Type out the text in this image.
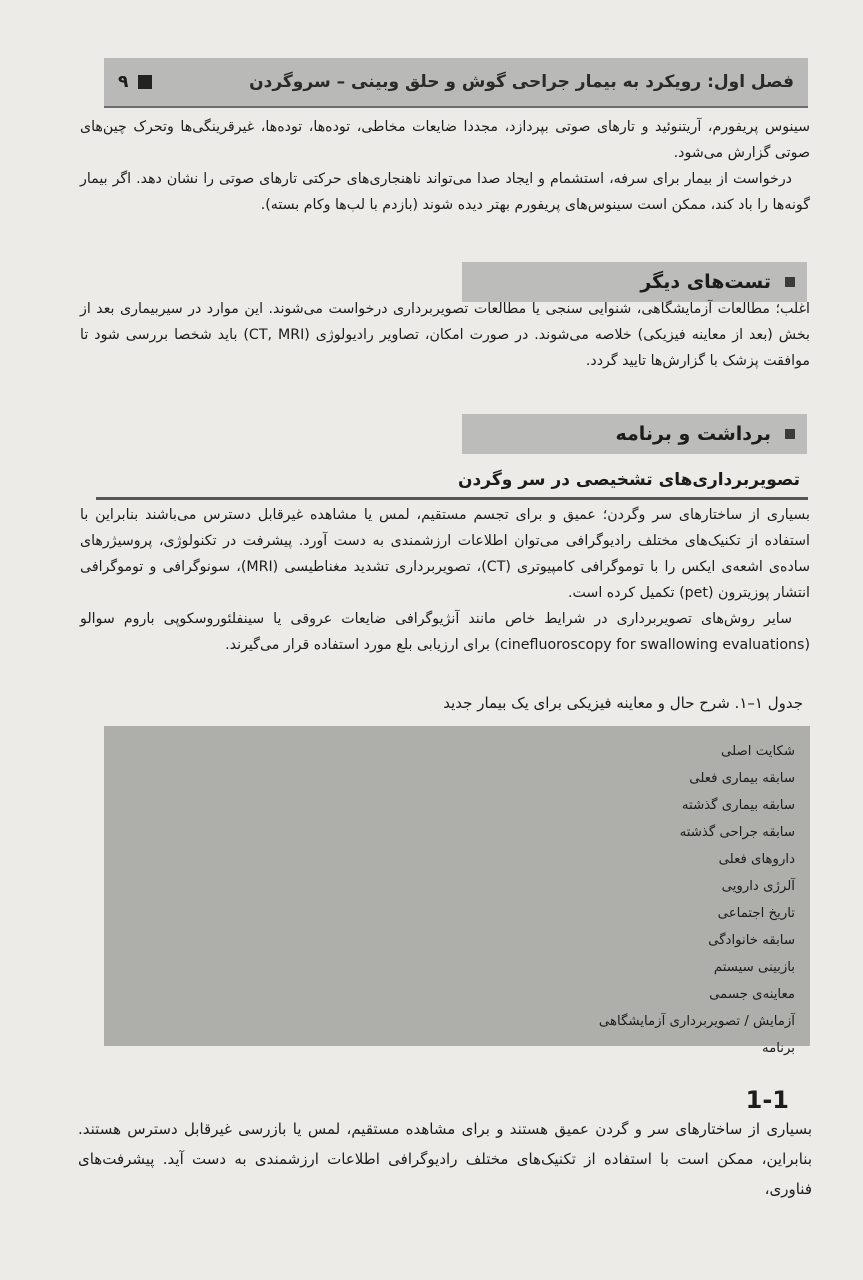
فصل اول: رویکرد به بیمار جراحی گوش و حلق وبینی – سروگردن
۹

سینوس پریفورم، آریتنوئید و تارهای صوتی بپردازد، مجددا ضایعات مخاطی، توده‌ها، توده‌ها، غیرقرینگی‌ها وتحرک چین‌های صوتی گزارش می‌شود.

درخواست از بیمار برای سرفه، استشمام و ایجاد صدا می‌تواند ناهنجاری‌های حرکتی تارهای صوتی را نشان دهد. اگر بیمار گونه‌ها را باد کند، ممکن است سینوس‌های پریفورم بهتر دیده شوند (بازدم با لب‌ها وکام بسته).

تست‌های دیگر

اغلب؛ مطالعات آزمایشگاهی، شنوایی سنجی یا مطالعات تصویربرداری درخواست می‌شوند. این موارد در سیربیماری بعد از بخش (بعد از معاینه فیزیکی) خلاصه می‌شوند. در صورت امکان، تصاویر رادیولوژی (CT, MRI) باید شخصا بررسی شود تا موافقت پزشک با گزارش‌ها تایید گردد.

برداشت و برنامه
تصویربرداری‌های تشخیصی در سر وگردن

بسیاری از ساختارهای سر وگردن؛ عمیق و برای تجسم مستقیم، لمس یا مشاهده غیرقابل دسترس می‌باشند بنابراین با استفاده از تکنیک‌های مختلف رادیوگرافی می‌توان اطلاعات ارزشمندی به دست آورد. پیشرفت در تکنولوژی، پروسیژرهای ساده‌ی اشعه‌ی ایکس را با توموگرافی کامپیوتری (CT)، تصویربرداری تشدید مغناطیسی (MRI)، سونوگرافی و توموگرافی انتشار پوزیترون (pet) تکمیل کرده است.

سایر روش‌های تصویربرداری در شرایط خاص مانند آنژیوگرافی ضایعات عروقی یا سینفلئوروسکوپی باروم سوالو (cinefluoroscopy for swallowing evaluations) برای ارزیابی بلع مورد استفاده قرار می‌گیرند.

جدول ۱–۱. شرح حال و معاینه فیزیکی برای یک بیمار جدید
شکایت اصلی
سابقه بیماری فعلی
سابقه بیماری گذشته
سابقه جراحی گذشته
داروهای فعلی
آلرژی دارویی
تاریخ اجتماعی
سابقه خانوادگی
بازبینی سیستم
معاینه‌ی جسمی
آزمایش / تصویربرداری آزمایشگاهی
برنامه
1-1

بسیاری از ساختارهای سر و گردن عمیق هستند و برای مشاهده مستقیم، لمس یا بازرسی غیرقابل دسترس هستند. بنابراین، ممکن است با استفاده از تکنیک‌های مختلف رادیوگرافی اطلاعات ارزشمندی به دست آید. پیشرفت‌های فناوری،
